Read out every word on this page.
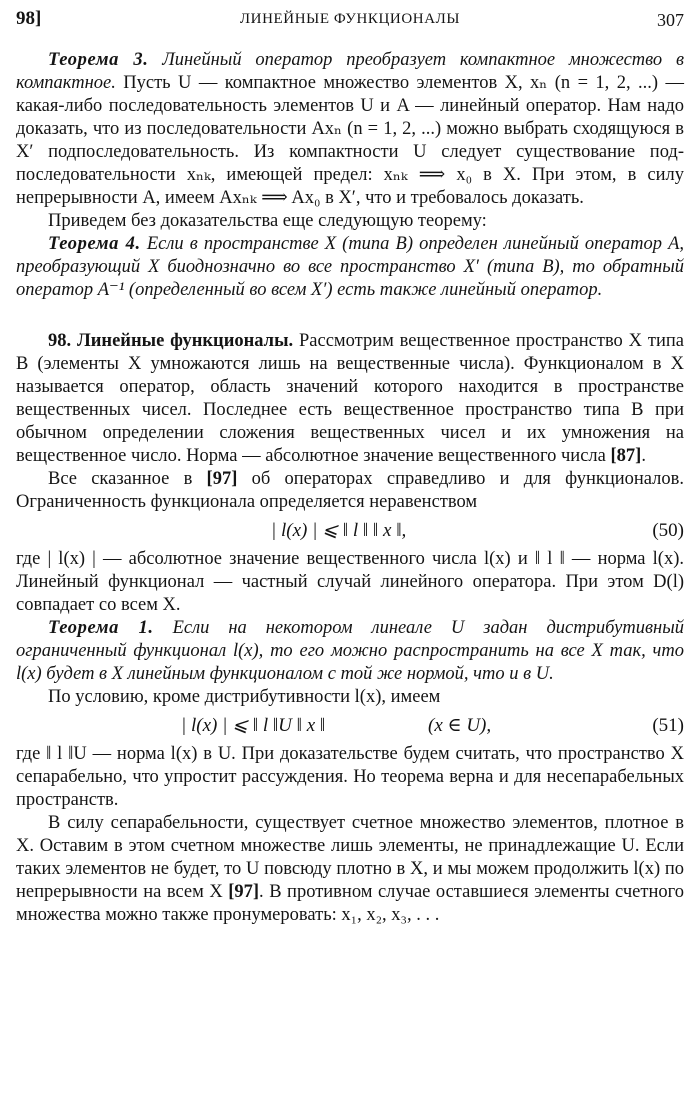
98]	ЛИНЕЙНЫЕ ФУНКЦИОНАЛЫ	307

Теорема 3. Линейный оператор преобразует компактное множество в компактное. Пусть U — компактное множество элементов X, xₙ (n = 1, 2, ...) — какая-либо последовательность элементов U и A — линейный оператор. Нам надо доказать, что из последовательности Axₙ (n = 1, 2, ...) можно выбрать сходящуюся в X′ подпоследовательность. Из компактности U следует существование подпоследовательности xₙₖ, имеющей предел: xₙₖ ⟹ x₀ в X. При этом, в силу непрерывности A, имеем Axₙₖ ⟹ Ax₀ в X′, что и требовалось доказать.

Приведем без доказательства еще следующую теорему:

Теорема 4. Если в пространстве X (типа B) определен линейный оператор A, преобразующий X биоднозначно во все пространство X′ (типа B), то обратный оператор A⁻¹ (определенный во всем X′) есть также линейный оператор.

98. Линейные функционалы. Рассмотрим вещественное пространство X типа B (элементы X умножаются лишь на вещественные числа). Функционалом в X называется оператор, область значений которого находится в пространстве вещественных чисел. Последнее есть вещественное пространство типа B при обычном определении сложения вещественных чисел и их умножения на вещественное число. Норма — абсолютное значение вещественного числа [87].

Все сказанное в [97] об операторах справедливо и для функционалов. Ограниченность функционала определяется неравенством

| l(x) | ⩽ ‖ l ‖ ‖ x ‖,	(50)

где | l(x) | — абсолютное значение вещественного числа l(x) и ‖ l ‖ — норма l(x). Линейный функционал — частный случай линейного оператора. При этом D(l) совпадает со всем X.

Теорема 1. Если на некотором линеале U задан дистрибутивный ограниченный функционал l(x), то его можно распространить на все X так, что l(x) будет в X линейным функционалом с той же нормой, что и в U.

По условию, кроме дистрибутивности l(x), имеем

| l(x) | ⩽ ‖ l ‖U ‖ x ‖	(x ∈ U),	(51)

где ‖ l ‖U — норма l(x) в U. При доказательстве будем считать, что пространство X сепарабельно, что упростит рассуждения. Но теорема верна и для несепарабельных пространств.

В силу сепарабельности, существует счетное множество элементов, плотное в X. Оставим в этом счетном множестве лишь элементы, не принадлежащие U. Если таких элементов не будет, то U повсюду плотно в X, и мы можем продолжить l(x) по непрерывности на всем X [97]. В противном случае оставшиеся элементы счетного множества можно также пронумеровать: x₁, x₂, x₃, . . .
